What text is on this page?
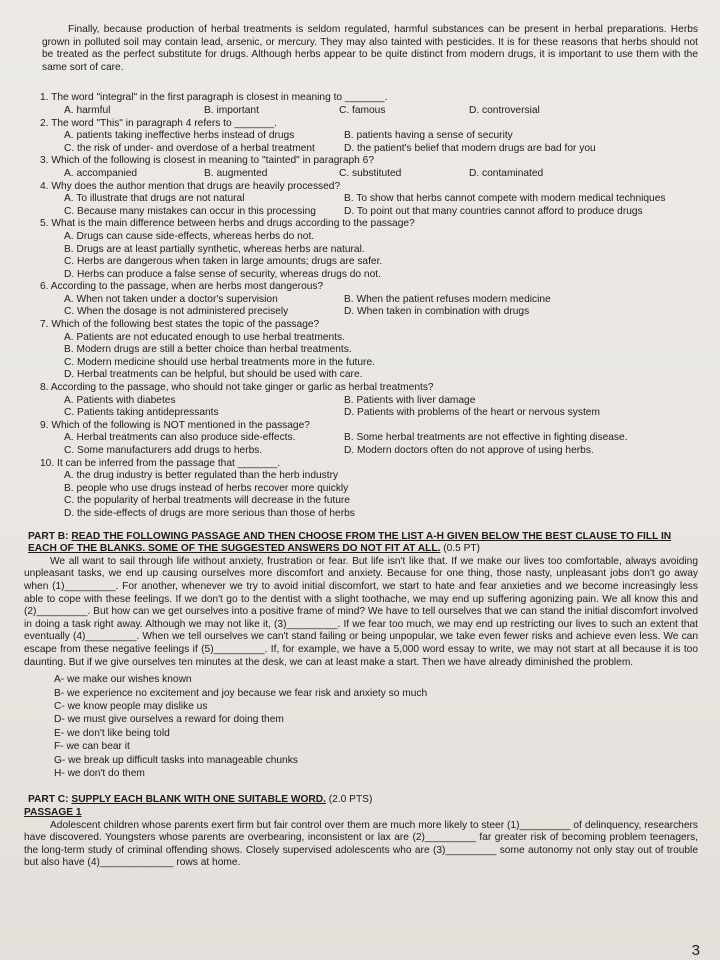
Finally, because production of herbal treatments is seldom regulated, harmful substances can be present in herbal preparations. Herbs grown in polluted soil may contain lead, arsenic, or mercury. They may also tainted with pesticides. It is for these reasons that herbs should not be treated as the perfect substitute for drugs. Although herbs appear to be quite distinct from modern drugs, it is important to use them with the same sort of care.

1. The word "integral" in the first paragraph is closest in meaning to _______.
A. harmful	B. important	C. famous	D. controversial
2. The word "This" in paragraph 4 refers to _______.
A. patients taking ineffective herbs instead of drugs	B. patients having a sense of security
C. the risk of under- and overdose of a herbal treatment	D. the patient's belief that modern drugs are bad for you
3. Which of the following is closest in meaning to "tainted" in paragraph 6?
A. accompanied	B. augmented	C. substituted	D. contaminated
4. Why does the author mention that drugs are heavily processed?
A. To illustrate that drugs are not natural	B. To show that herbs cannot compete with modern medical techniques
C. Because many mistakes can occur in this processing	D. To point out that many countries cannot afford to produce drugs
5. What is the main difference between herbs and drugs according to the passage?
A. Drugs can cause side-effects, whereas herbs do not.
B. Drugs are at least partially synthetic, whereas herbs are natural.
C. Herbs are dangerous when taken in large amounts; drugs are safer.
D. Herbs can produce a false sense of security, whereas drugs do not.
6. According to the passage, when are herbs most dangerous?
A. When not taken under a doctor's supervision	B. When the patient refuses modern medicine
C. When the dosage is not administered precisely	D. When taken in combination with drugs
7. Which of the following best states the topic of the passage?
A. Patients are not educated enough to use herbal treatments.
B. Modern drugs are still a better choice than herbal treatments.
C. Modern medicine should use herbal treatments more in the future.
D. Herbal treatments can be helpful, but should be used with care.
8. According to the passage, who should not take ginger or garlic as herbal treatments?
A. Patients with diabetes	B. Patients with liver damage
C. Patients taking antidepressants	D. Patients with problems of the heart or nervous system
9. Which of the following is NOT mentioned in the passage?
A. Herbal treatments can also produce side-effects.	B. Some herbal treatments are not effective in fighting disease.
C. Some manufacturers add drugs to herbs.	D. Modern doctors often do not approve of using herbs.
10. It can be inferred from the passage that _______.
A. the drug industry is better regulated than the herb industry
B. people who use drugs instead of herbs recover more quickly
C. the popularity of herbal treatments will decrease in the future
D. the side-effects of drugs are more serious than those of herbs
PART B: READ THE FOLLOWING PASSAGE AND THEN CHOOSE FROM THE LIST A-H GIVEN BELOW THE BEST CLAUSE TO FILL IN EACH OF THE BLANKS. SOME OF THE SUGGESTED ANSWERS DO NOT FIT AT ALL. (0.5 PT)

We all want to sail through life without anxiety, frustration or fear. But life isn't like that. If we make our lives too comfortable, always avoiding unpleasant tasks, we end up causing ourselves more discomfort and anxiety. Because for one thing, those nasty, unpleasant jobs don't go away when (1)_________. For another, whenever we try to avoid initial discomfort, we start to hate and fear anxieties and we become increasingly less able to cope with these feelings. If we don't go to the dentist with a slight toothache, we may end up suffering agonizing pain. We all know this and (2)_________. But how can we get ourselves into a positive frame of mind? We have to tell ourselves that we can stand the initial discomfort involved in doing a task right away. Although we may not like it, (3)_________. If we fear too much, we may end up restricting our lives to such an extent that eventually (4)_________. When we tell ourselves we can't stand failing or being unpopular, we take even fewer risks and achieve even less. We can escape from these negative feelings if (5)_________. If, for example, we have a 5,000 word essay to write, we may not start at all because it is too daunting. But if we give ourselves ten minutes at the desk, we can at least make a start. Then we have already diminished the problem.

A- we make our wishes known
B- we experience no excitement and joy because we fear risk and anxiety so much
C- we know people may dislike us
D- we must give ourselves a reward for doing them
E- we don't like being told
F- we can bear it
G- we break up difficult tasks into manageable chunks
H- we don't do them
PART C: SUPPLY EACH BLANK WITH ONE SUITABLE WORD. (2.0 PTS)
PASSAGE 1

Adolescent children whose parents exert firm but fair control over them are much more likely to steer (1)_________ of delinquency, researchers have discovered. Youngsters whose parents are overbearing, inconsistent or lax are (2)_________ far greater risk of becoming problem teenagers, the long-term study of criminal offending shows. Closely supervised adolescents who are (3)_________ some autonomy not only stay out of trouble but also have (4)_____________ rows at home.

3
